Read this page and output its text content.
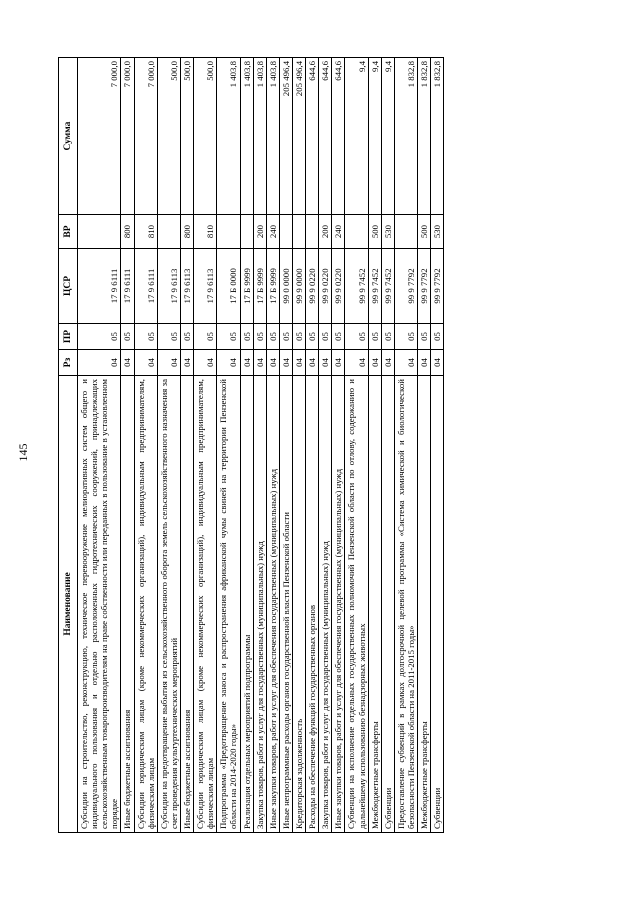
145
Наименование	Рз	ПР	ЦСР	ВР	Сумма
Субсидии на строительство, реконструкцию, техническое перевооружение мелиоративных систем общего и индивидуального пользования и отдельно расположенных гидротехнических сооружений, принадлежащих сельскохозяйственным товаропроизводителям на праве собственности или переданных в пользование в установленном порядке	04	05	17 9 6111		7 000,0
Иные бюджетные ассигнования	04	05	17 9 6111	800	7 000,0
Субсидии юридическим лицам (кроме некоммерческих организаций), индивидуальным предпринимателям, физическим лицам	04	05	17 9 6111	810	7 000,0
Субсидии на предотвращение выбытия из сельскохозяйственного оборота земель сельскохозяйственного назначения за счет проведения культуртехнических мероприятий	04	05	17 9 6113		500,0
Иные бюджетные ассигнования	04	05	17 9 6113	800	500,0
Субсидии юридическим лицам (кроме некоммерческих организаций), индивидуальным предпринимателям, физическим лицам	04	05	17 9 6113	810	500,0
Подпрограмма «Предотвращение заноса и распространения африканской чумы свиней на территории Пензенской области на 2014-2020 годы»	04	05	17 Б 0000		1 403,8
Реализация отдельных мероприятий подпрограммы	04	05	17 Б 9999		1 403,8
Закупка товаров, работ и услуг для государственных (муниципальных) нужд	04	05	17 Б 9999	200	1 403,8
Иные закупки товаров, работ и услуг для обеспечения государственных (муниципальных) нужд	04	05	17 Б 9999	240	1 403,8
Иные непрограммные расходы органов государственной власти Пензенской области	04	05	99 0 0000		205 496,4
Кредиторская задолженность	04	05	99 9 0000		205 496,4
Расходы на обеспечение функций государственных органов	04	05	99 9 0220		644,6
Закупка товаров, работ и услуг для государственных (муниципальных) нужд	04	05	99 9 0220	200	644,6
Иные закупки товаров, работ и услуг для обеспечения государственных (муниципальных) нужд	04	05	99 9 0220	240	644,6
Субвенции на исполнение отдельных государственных полномочий Пензенской области по отлову, содержанию и дальнейшему использованию безнадзорных животных	04	05	99 9 7452		9,4
Межбюджетные трансферты	04	05	99 9 7452	500	9,4
Субвенции	04	05	99 9 7452	530	9,4
Предоставление субвенций в рамках долгосрочной целевой программы «Система химической и биологической безопасности Пензенской области на 2011-2015 годы»	04	05	99 9 7792		1 832,8
Межбюджетные трансферты	04	05	99 9 7792	500	1 832,8
Субвенции	04	05	99 9 7792	530	1 832,8
